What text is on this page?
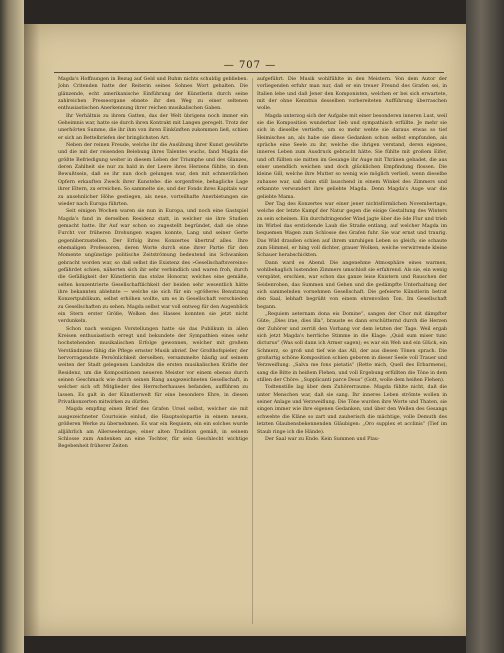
— 707 —

Magda's Hoffnungen in Bezug auf Geld und Ruhm nichts schuldig geblieben. John Critenden hatte der Reiterin seines Sohnes Wort gehalten. Die glänzende, echt amerikanische Einführung der Künstlerin durch seine zahlreichen Presseorgane ebnete ihr den Weg zu einer seltenen enthusiastischen Anerkennung ihrer reichen musikalischen Gaben.

Ihr Verhältnis zu ihrem Gatten, das der Welt übrigens noch immer ein Geheimnis war, hatte sie durch ihren Kontrakt mit Langen geregelt. Trotz der unerhörten Summe, die ihr ihm von ihren Einkünften zukommen ließ, schien er sich an Bettelbriefen der bringlichsten Art.

Neben der reinen Freude, welche ihr die Ausübung ihrer Kunst gewährte und die mit der reisenden Belebung ihres Talentes wuchs, fand Magda die größte Befriedigung weiter in diesem Leben der Triumphe und des Glanzes, deren Zahlheit sie nur zu bald in der Leere ihres Herzens fühlte, in dem Bewußtsein, daß es ihr nun doch gelungen war, den mit schmerzlichen Opfern erkauften Zweck ihrer Kunstehe: die sorgenfreie, behagliche Lage ihrer Eltern, zu erreichen. So sammelte sie, und der Fonds ihres Kapitals war zu ansehnlicher Höhe gestiegen, als neue, vorteilhafte Anerbietungen sie wieder nach Europa führten.

Seit einigen Wochen waren sie nun in Europa, und noch eine Gastspiel Magda's fand in derselben Residenz statt, in welcher sie ihre Studien gemacht hatte. Ihr Auf war schon so zugestellt begründet, daß sie ohne Furcht vor früheren Drohungen wagen konnte, Lang und seiner Gerte gegenüberzustellen. Der Erfolg ihres Konzertes übertraf alles. Ihre ehemaligen Professoren, deren Worte durch eine ihrer Partie für den Momente ungünstige politische Zeitströmung bedeutend ins Schwanken gebracht worden war, so daß selbst die Existenz des »Gesellschaftsvereins« gefährdet schien, näherten sich ihr sehr verbindlich und waren froh, durch die Gefälligkeit der Künstlerin das stolze Honorar, welches eine gemäße, selten konzentrierte Gesellschaftlichkeit der beiden sehr wesentlich hätte ihre bekannten ablehnte — welche sie sich für ein »größeres Benutzung Konzertpublikum, selbst erhöhen wollte, um es in Gesellschaft verschieden zu Gesellschaften zu sehen. Magda selbst war voll entweg für den Augenblick ein Stern erster Größe, Wolken des Hasses konnten sie jetzt nicht verdunkeln.

Schon nach wenigen Vorstellungen hatte sie das Publikum in allen Kreisen enthusiastisch erregt und bekundete der Sympathien eines sehr hochstehenden musikalischen Erfolge gewonnen, welcher mit großem Verständnisse fähig die Pflege ernster Musik abrief. Der Großhofspieler, der hervorragendste Persönlichkeit derselben, versammelte häufig auf seinem weiten der Stadt gelegenen Landsitze die ersten musikalischen Kräfte der Residenz, um die Kompositionen neueren Meister vor einem ebenso durch seinen Geschmack wie durch seinen Rang ausgezeichneten Gesellschaft, in welcher sich oft Mitglieder des Herrscherhauses befanden, aufführen zu lassen. Es galt in der Künstlerwelt für eine besondere Ehre, in diesen Privatkonzerten mitwirken zu dürfen.

Magda empfing einen Brief des Grafen Ursel selbst, welcher sie mit ausgezeichneter Courtoisie einlud, die Hauptsolopartie in einem neuen, größeren Werke zu übernehmen. Es war ein Requiem, ein ein solches wurde alljährlich am Allerseelentage, einer alten Tradition gemäß, in seinem Schlosse zum Andenken an eine Tochter, für sein Geschlecht wichtige Begebenheit früherer Zeiten

aufgeführt. Die Musik wohlfühlte in den Meistern. Von dem Autor der vorliegenden erfuhr man nur, daß er ein treuer Freund des Grafen sei, in Italien lebe und daß Jener den Komponisten, welchen er bei sich erwartete, mit der ohne Kenntnis desselben vorbereiteten Aufführung überraschen wolle.

Magda unterzog sich der Aufgabe mit einer besonderen inneren Lust, weil sie die Komposition wunderbar lieb und sympathisch erfüllte. Je mehr sie sich in dieselbe vertiefte, um so mehr wehte sie daraus etwas so tief Heimisches an, als habe sie diese Gedanken schon selbst empfunden, als spräche eine Seele zu ihr, welche die ihrigen verstand, deren eigenes, inneres Leben zum Ausdruck gebracht hätte. Sie fühlte mit großem Eifer, und oft füllten sie mitten im Gesange ihr Auge mit Thränen gebadet, die aus einer unendlich weichen und doch glücklichen Empfindung flossen. Die kleine Gill, welche ihre Mutter so wenig wie möglich verließ, wenn dieselbe zuhause war, saß dann still lauschend in einem Winkel des Zimmers und erkannte verwundert ihre geliebte Magda. Denn Magda's Auge war die geliebte Mama.

Der Tag des Konzertes war einer jener nichtsförmlichen Novembertage, welche der letzte Kampf der Natur gegen die eisige Gestaltung des Winters zu sein scheinen. Ein durchdringender Wind jagte über die öde Flur und trieb im Wirbel das erstickende Laub die Straße entlang, auf welcher Magda im bequemen Wagen zum Schlosse des Grafen fuhr. Sie war ernst und traurig. Das Wild draußen schien auf ihrem unruhigen Leben so gleich; sie schaute zum Himmel, er hing voll dichter, grauer Wolken, welche verwirrende kleine Schauer herabschickten.

Dann ward es Abend. Die angenehme Atmosphäre eines warmen, wohlbehaglich lustenden Zimmers umschloß sie erfahrend. Als sie, ein wenig verspätet, erschien, war schon das ganze leise Knistern und Rauschen der Seidenroben, das Summen und Gehen und die gedämpfte Unterhaltung der sich sammelnden vornehmen Gesellschaft. Die gefeierte Künstlerin betrat den Saal, lebhaft begrüßt von einem ehrenvollen Ton. Im Gesellschaft begann.

„Requiem aeternam dona eis Domine“, sangen der Chor mit dämpfter Güte; „Dies irae, dies illa“, brauste es dann erschütternd durch die Herzen der Zuhörer und zerriß den Vorhang vor dem letzten der Tage. Weil ergab sich jetzt Magda's herrliche Stimme in die Klage: „Quid sum miser tunc dicturus“ (Was soll dann ich Armer sagen); es war ein Weh und ein Glück, ein Schmerz, so groß und tief wie das All, der aus diesen Tönen sprach. Die großartig schöne Komposition schien geboren in dieser Seele voll Trauer und Verzweiflung. „Salva me fons pietatis“ (Rette mich, Quell des Erbarmens), sang die Bitte in heißem Flehen, und voll Ergebung erfüllten die Töne in dem stillen der Chöre: „Supplicanti parce Deus“ (Gott, wolle dem heißen Flehen).

Todtenstille lag über dem Zuhörerraume. Magda fühlte nicht, daß die unter Menschen war, daß sie sang. Ihr inneres Leben strömte wollen in seiner Anlage und Verzweiflung. Die Töne wurden ihre Worte und Thaten, sie singen immer wie ihre eigenen Gedanken, und über den Wellen des Gesangs schwebte die Kläne so zart und zauberisch die mächtige, volle Demuth des letzten Glaubensbekennenden Gläubigen: „Oro supplex et acclinis“ (Tief im Staub ringe ich die Hände).

Der Saal war zu Ende. Kein Summen und Plau-
